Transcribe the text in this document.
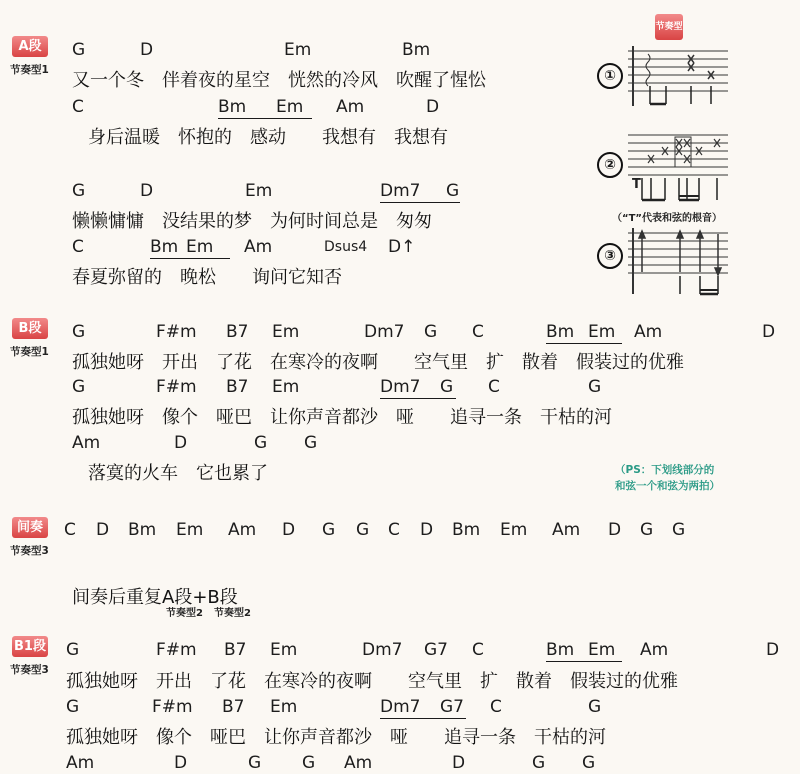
A段
节奏型1
G	D	Em	Bm
又一个冬　伴着夜的星空　恍然的冷风　吹醒了惺忪
C	Bm Em Am	D
身后温暖　怀抱的　感动　　我想有　我想有
G	D	Em	Dm7 G
懒懒慵慵　没结果的梦　为何时间总是　匆匆
C	Bm Em Am	Dsus4 D↑
春夏弥留的　晚松　　询问它知否
节奏型
①
②
T
（“T”代表和弦的根音）
③
B段
节奏型1
G	F#m B7 Em	Dm7 G C	Bm Em Am	D
孤独她呀　开出　了花　在寒冷的夜啊　　空气里　扩　散着　假装过的优雅
G	F#m B7 Em	Dm7 G C	G
孤独她呀　像个　哑巴　让你声音都沙　哑　　追寻一条　干枯的河
Am	D	G G
落寞的火车　它也累了	（PS：下划线部分的
和弦一个和弦为两拍）
间奏
节奏型3
C D Bm Em Am D G G C D Bm Em Am D G G
间奏后重复A段+B段
节奏型2 节奏型2
B1段
节奏型3
G	F#m B7 Em	Dm7 G7 C	Bm Em Am	D
孤独她呀　开出　了花　在寒冷的夜啊　　空气里　扩　散着　假装过的优雅
G	F#m B7 Em	Dm7 G7 C	G
孤独她呀　像个　哑巴　让你声音都沙　哑　　追寻一条　干枯的河
Am	D	G G Am	D	G G
